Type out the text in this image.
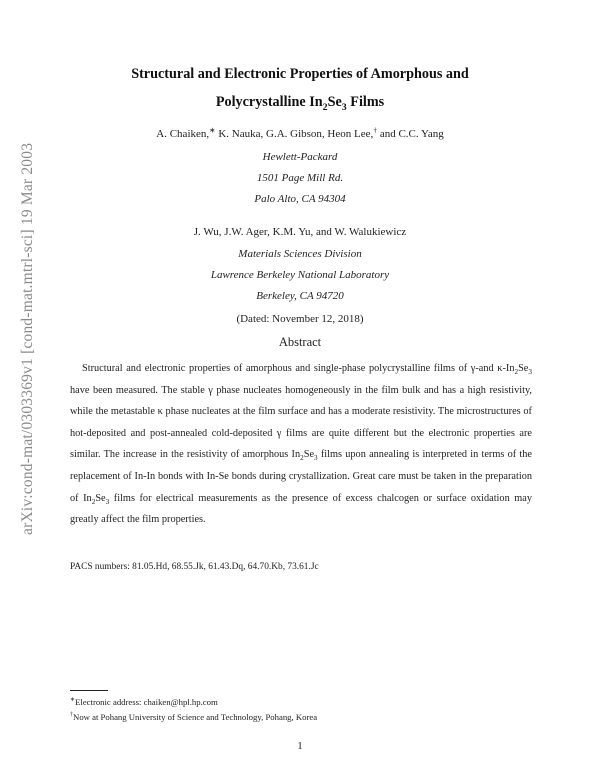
arXiv:cond-mat/0303369v1 [cond-mat.mtrl-sci] 19 Mar 2003
Structural and Electronic Properties of Amorphous and
Polycrystalline $In_2Se_3$ Films
A. Chaiken,∗ K. Nauka, G.A. Gibson, Heon Lee,† and C.C. Yang
Hewlett-Packard
1501 Page Mill Rd.
Palo Alto, CA 94304
J. Wu, J.W. Ager, K.M. Yu, and W. Walukiewicz
Materials Sciences Division
Lawrence Berkeley National Laboratory
Berkeley, CA 94720
(Dated: November 12, 2018)
Abstract

Structural and electronic properties of amorphous and single-phase polycrystalline films of γ-and $\kappa-In_2Se_3$ have been measured. The stable γ phase nucleates homogeneously in the film bulk and has a high resistivity, while the metastable κ phase nucleates at the film surface and has a moderate resistivity. The microstructures of hot-deposited and post-annealed cold-deposited γ films are quite different but the electronic properties are similar. The increase in the resistivity of amorphous $In_2Se_3$ films upon annealing is interpreted in terms of the replacement of In-In bonds with In-Se bonds during crystallization. Great care must be taken in the preparation of $In_2Se_3$ films for electrical measurements as the presence of excess chalcogen or surface oxidation may greatly affect the film properties.

PACS numbers: 81.05.Hd, 68.55.Jk, 61.43.Dq, 64.70.Kb, 73.61.Jc
∗Electronic address: chaiken@hpl.hp.com
†Now at Pohang University of Science and Technology, Pohang, Korea
1
